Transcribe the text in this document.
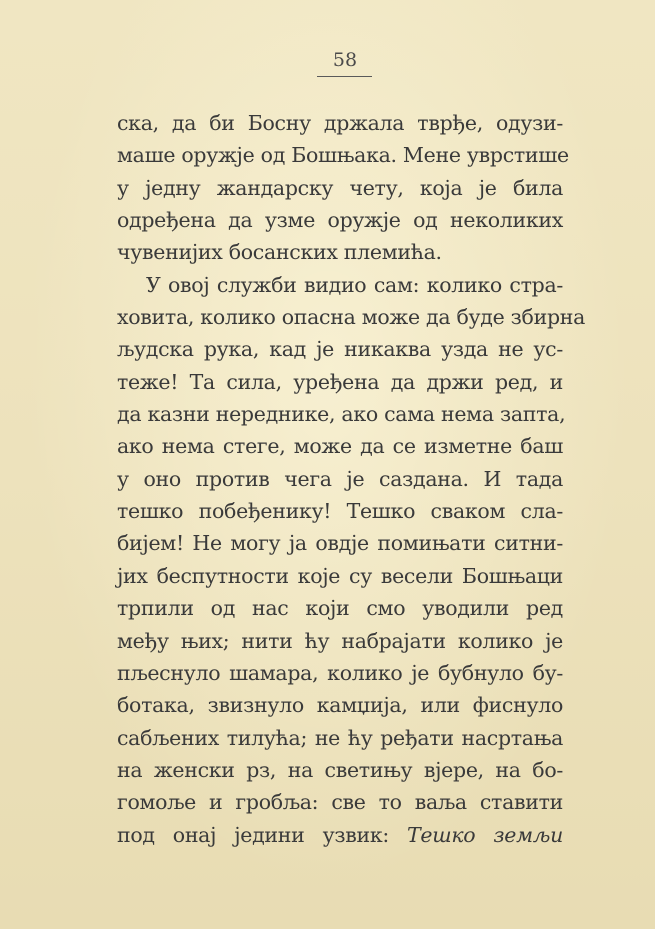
58
ска, да би Босну држала тврђе, одузи-
маше оружје од Бошњака. Мене уврстише
у једну жандарску чету, која је била
одређена да узме оружје од неколиких
чувенијих босанских племића.
У овој служби видио сам: колико стра-
ховита, колико опасна може да буде збирна
људска рука, кад је никаква узда не ус-
теже! Та сила, уређена да држи ред, и
да казни нереднике, ако сама нема запта,
ако нема стеге, може да се изметне баш
у оно против чега је саздана. И тада
тешко побеђенику! Тешко сваком сла-
бијем! Не могу ја овдје помињати ситни-
јих беспутности које су весели Бошњаци
трпили од нас који смо уводили ред
међу њих; нити ћу набрајати колико је
пљеснуло шамара, колико је бубнуло бу-
ботака, звизнуло камџија, или фиснуло
сабљених тилућа; не ћу ређати насртања
на женски рз, на светињу вјере, на бо-
гомоље и гробља: све то ваља ставити
под онај једини узвик: Тешко земљи
